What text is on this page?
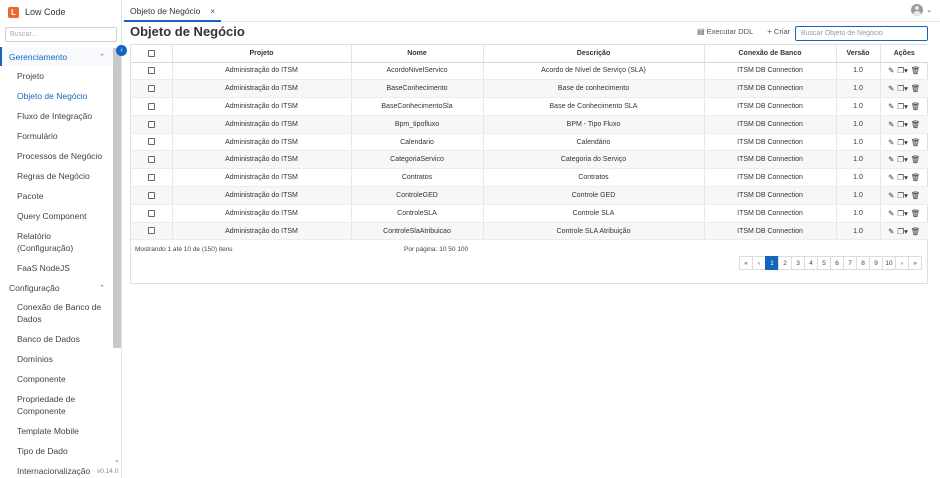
L	Low Code
Buscar...
‹
Gerenciamento	⌃
Projeto
Objeto de Negócio
Fluxo de Integração
Formulário
Processos de Negócio
Regras de Negócio
Pacote
Query Component
Relatório (Configuração)
FaaS NodeJS
Configuração	⌃
Conexão de Banco de Dados
Banco de Dados
Domínios
Componente
Propriedade de Componente
Template Mobile
Tipo de Dado
Internacionalização
⌄
v0.14.0
Objeto de Negócio ×	⌄
Objeto de Negócio	▤ Executar DDL + Criar
Buscar Objeto de Negócio
	Projeto	Nome	Descrição	Conexão de Banco	Versão	Ações
	Administração do ITSM	AcordoNivelServico	Acordo de Nível de Serviço (SLA)	ITSM DB Connection	1.0	✎ ❐▾ 🗑

	Administração do ITSM	BaseConhecimento	Base de conhecimento	ITSM DB Connection	1.0	✎ ❐▾ 🗑

	Administração do ITSM	BaseConhecimentoSla	Base de Conhecimento SLA	ITSM DB Connection	1.0	✎ ❐▾ 🗑

	Administração do ITSM	Bpm_tipofluxo	BPM - Tipo Fluxo	ITSM DB Connection	1.0	✎ ❐▾ 🗑

	Administração do ITSM	Calendario	Calendário	ITSM DB Connection	1.0	✎ ❐▾ 🗑

	Administração do ITSM	CategoriaServico	Categoria do Serviço	ITSM DB Connection	1.0	✎ ❐▾ 🗑

	Administração do ITSM	Contratos	Contratos	ITSM DB Connection	1.0	✎ ❐▾ 🗑

	Administração do ITSM	ControleGED	Controle GED	ITSM DB Connection	1.0	✎ ❐▾ 🗑

	Administração do ITSM	ControleSLA	Controle SLA	ITSM DB Connection	1.0	✎ ❐▾ 🗑

	Administração do ITSM	ControleSlaAtribuicao	Controle SLA Atribuição	ITSM DB Connection	1.0	✎ ❐▾ 🗑
Mostrando 1 até 10 de (150) itens	Por página: 10 50 100
«	‹	1	2	3	4	5	6	7	8	9	10	›	»
